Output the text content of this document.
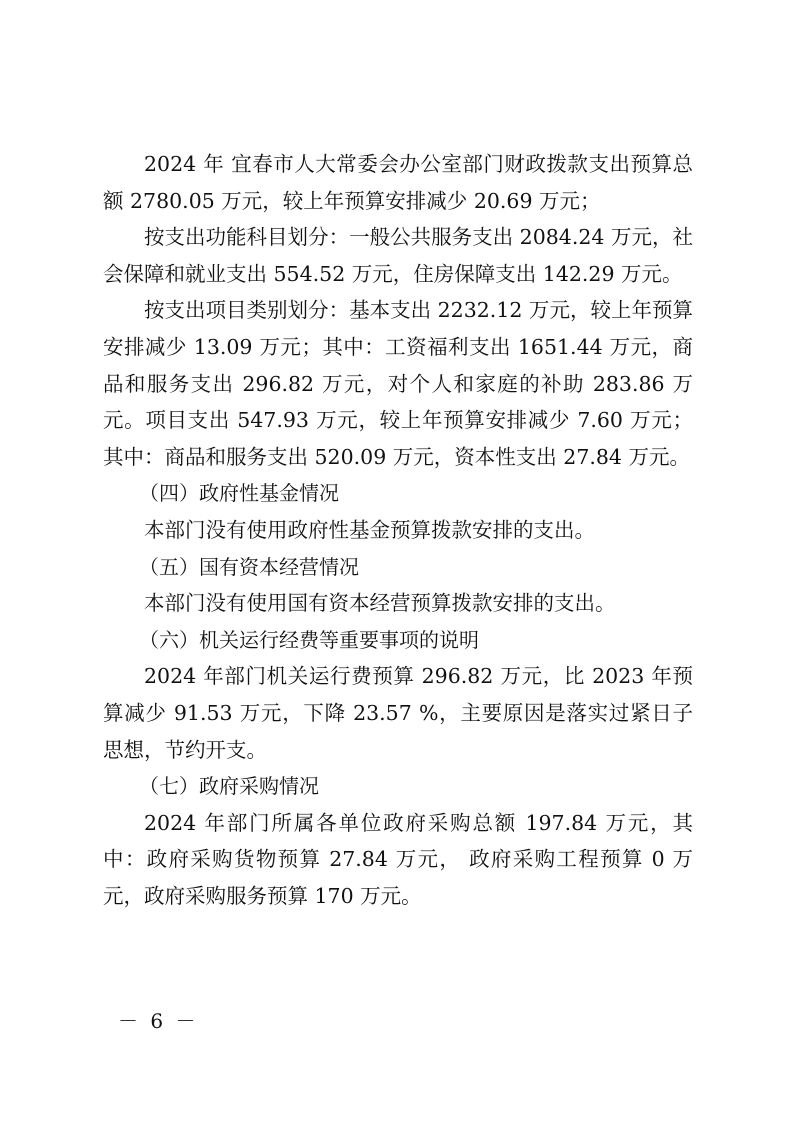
2024 年 宜春市人大常委会办公室部门财政拨款支出预算总额 2780.05 万元，较上年预算安排减少 20.69 万元；

按支出功能科目划分：一般公共服务支出 2084.24 万元，社会保障和就业支出 554.52 万元，住房保障支出 142.29 万元。

按支出项目类别划分：基本支出 2232.12 万元，较上年预算安排减少 13.09 万元；其中：工资福利支出 1651.44 万元，商品和服务支出 296.82 万元，对个人和家庭的补助 283.86 万元。项目支出 547.93 万元，较上年预算安排减少 7.60 万元；其中：商品和服务支出 520.09 万元，资本性支出 27.84 万元。

（四）政府性基金情况

本部门没有使用政府性基金预算拨款安排的支出。

（五）国有资本经营情况

本部门没有使用国有资本经营预算拨款安排的支出。

（六）机关运行经费等重要事项的说明

2024 年部门机关运行费预算 296.82 万元，比 2023 年预算减少 91.53 万元，下降 23.57 %，主要原因是落实过紧日子思想，节约开支。

（七）政府采购情况

2024 年部门所属各单位政府采购总额 197.84 万元，其中：政府采购货物预算 27.84 万元， 政府采购工程预算 0 万元，政府采购服务预算 170 万元。

－ 6 －
